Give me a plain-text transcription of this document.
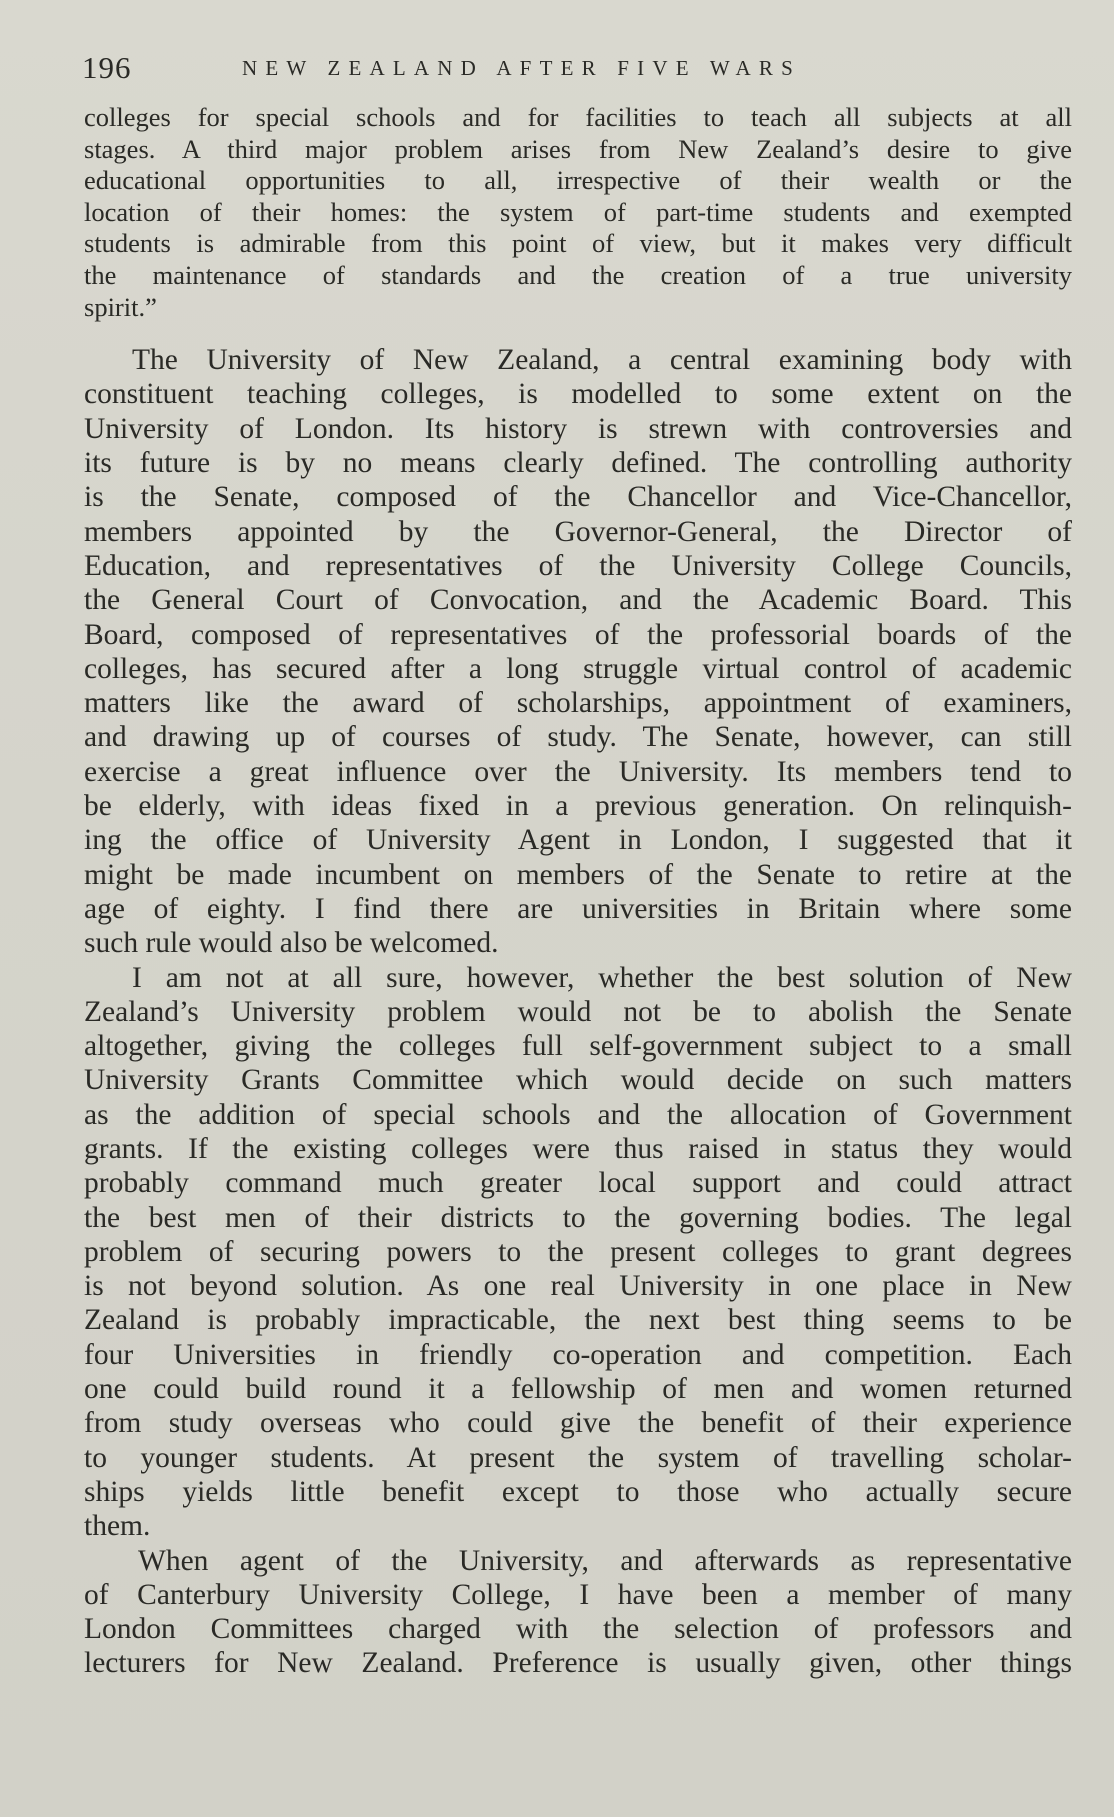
196	NEW ZEALAND AFTER FIVE WARS
colleges for special schools and for facilities to teach all subjects at all
stages. A third major problem arises from New Zealand’s desire to give
educational opportunities to all, irrespective of their wealth or the
location of their homes: the system of part-time students and exempted
students is admirable from this point of view, but it makes very difficult
the maintenance of standards and the creation of a true university
spirit.”
The University of New Zealand, a central examining body with
constituent teaching colleges, is modelled to some extent on the
University of London. Its history is strewn with controversies and
its future is by no means clearly defined. The controlling authority
is the Senate, composed of the Chancellor and Vice-Chancellor,
members appointed by the Governor-General, the Director of
Education, and representatives of the University College Councils,
the General Court of Convocation, and the Academic Board. This
Board, composed of representatives of the professorial boards of the
colleges, has secured after a long struggle virtual control of academic
matters like the award of scholarships, appointment of examiners,
and drawing up of courses of study. The Senate, however, can still
exercise a great influence over the University. Its members tend to
be elderly, with ideas fixed in a previous generation. On relinquish-
ing the office of University Agent in London, I suggested that it
might be made incumbent on members of the Senate to retire at the
age of eighty. I find there are universities in Britain where some
such rule would also be welcomed.
I am not at all sure, however, whether the best solution of New
Zealand’s University problem would not be to abolish the Senate
altogether, giving the colleges full self-government subject to a small
University Grants Committee which would decide on such matters
as the addition of special schools and the allocation of Government
grants. If the existing colleges were thus raised in status they would
probably command much greater local support and could attract
the best men of their districts to the governing bodies. The legal
problem of securing powers to the present colleges to grant degrees
is not beyond solution. As one real University in one place in New
Zealand is probably impracticable, the next best thing seems to be
four Universities in friendly co-operation and competition. Each
one could build round it a fellowship of men and women returned
from study overseas who could give the benefit of their experience
to younger students. At present the system of travelling scholar-
ships yields little benefit except to those who actually secure
them.
When agent of the University, and afterwards as representative
of Canterbury University College, I have been a member of many
London Committees charged with the selection of professors and
lecturers for New Zealand. Preference is usually given, other things
